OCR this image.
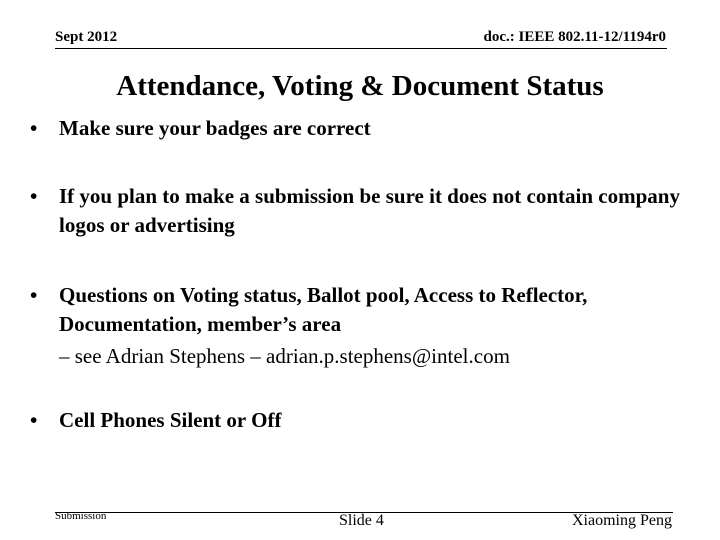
Sept 2012	doc.: IEEE 802.11-12/1194r0
Attendance, Voting & Document Status
• Make sure your badges are correct
• If you plan to make a submission be sure it does not contain company logos or advertising
• Questions on Voting status, Ballot pool, Access to Reflector, Documentation, member’s area
– see Adrian Stephens – adrian.p.stephens@intel.com
• Cell Phones Silent or Off
Submission	Slide 4	Xiaoming Peng
